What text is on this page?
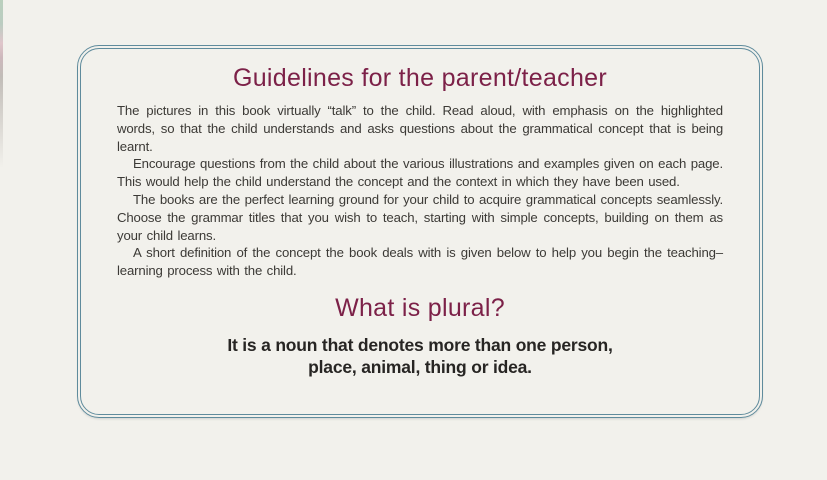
Guidelines for the parent/teacher

The pictures in this book virtually “talk” to the child. Read aloud, with emphasis on the highlighted words, so that the child understands and asks questions about the grammatical concept that is being learnt.

Encourage questions from the child about the various illustrations and examples given on each page. This would help the child understand the concept and the context in which they have been used.

The books are the perfect learning ground for your child to acquire grammatical concepts seamlessly. Choose the grammar titles that you wish to teach, starting with simple concepts, building on them as your child learns.

A short definition of the concept the book deals with is given below to help you begin the teaching–learning process with the child.

What is plural?
It is a noun that denotes more than one person,
place, animal, thing or idea.
